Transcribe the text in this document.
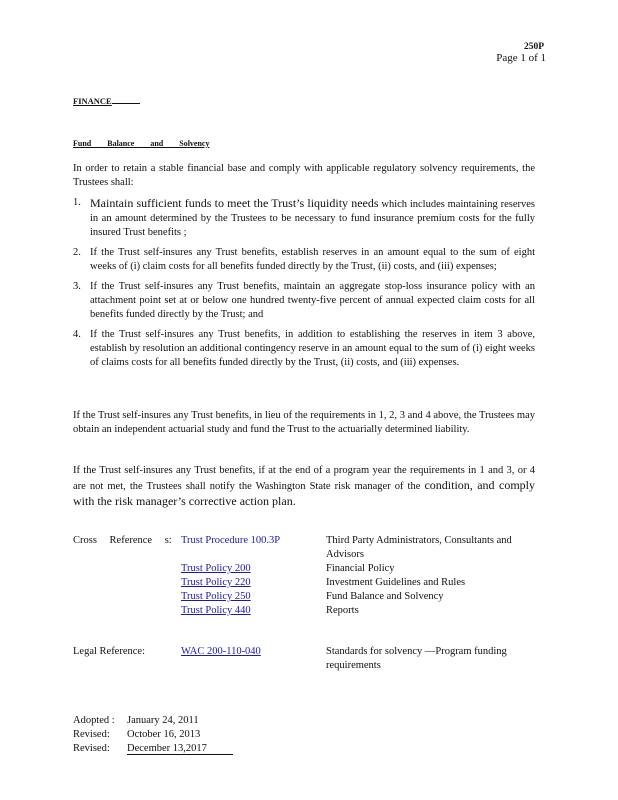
250P
Page 1 of 1
FINANCE
Fund Balance and Solvency
In order to retain a stable financial base and comply with applicable regulatory solvency requirements, the Trustees shall:
1. Maintain sufficient funds to meet the Trust’s liquidity needs which includes maintaining reserves in an amount determined by the Trustees to be necessary to fund insurance premium costs for the fully insured Trust benefits ;
2. If the Trust self-insures any Trust benefits, establish reserves in an amount equal to the sum of eight weeks of (i) claim costs for all benefits funded directly by the Trust, (ii) costs, and (iii) expenses;
3. If the Trust self-insures any Trust benefits, maintain an aggregate stop-loss insurance policy with an attachment point set at or below one hundred twenty-five percent of annual expected claim costs for all benefits funded directly by the Trust; and
4. If the Trust self-insures any Trust benefits, in addition to establishing the reserves in item 3 above, establish by resolution an additional contingency reserve in an amount equal to the sum of (i) eight weeks of claims costs for all benefits funded directly by the Trust, (ii) costs, and (iii) expenses.
If the Trust self-insures any Trust benefits, in lieu of the requirements in 1, 2, 3 and 4 above, the Trustees may obtain an independent actuarial study and fund the Trust to the actuarially determined liability.
If the Trust self-insures any Trust benefits, if at the end of a program year the requirements in 1 and 3, or 4 are not met, the Trustees shall notify the Washington State risk manager of the condition, and comply with the risk manager’s corrective action plan.
Cross Reference s: Trust Procedure 100.3P
Trust Policy 200
Trust Policy 220
Trust Policy 250
Trust Policy 440
Third Party Administrators, Consultants and
Advisors
Financial Policy
Investment Guidelines and Rules
Fund Balance and Solvency
Reports
Legal Reference:	WAC 200-110-040	Standards for solvency —Program funding requirements
Adopted : January 24, 2011
Revised: October 16, 2013
Revised: December 13,2017
